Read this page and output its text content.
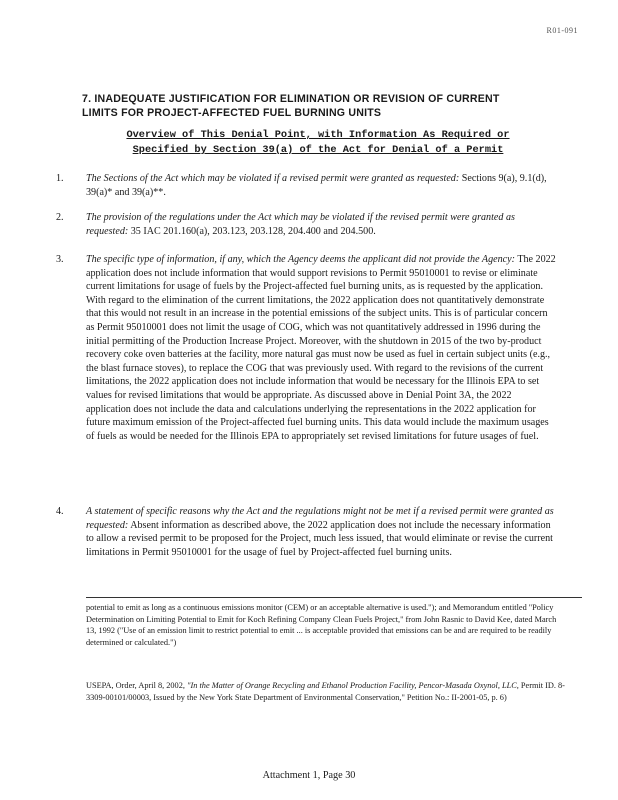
R01-091
7. INADEQUATE JUSTIFICATION FOR ELIMINATION OR REVISION OF CURRENT LIMITS FOR PROJECT-AFFECTED FUEL BURNING UNITS
Overview of This Denial Point, with Information As Required or
Specified by Section 39(a) of the Act for Denial of a Permit
1.	The Sections of the Act which may be violated if a revised permit were granted as requested: Sections 9(a), 9.1(d), 39(a)* and 39(a)**.
2.	The provision of the regulations under the Act which may be violated if the revised permit were granted as requested: 35 IAC 201.160(a), 203.123, 203.128, 204.400 and 204.500.
3.	The specific type of information, if any, which the Agency deems the applicant did not provide the Agency: The 2022 application does not include information that would support revisions to Permit 95010001 to revise or eliminate current limitations for usage of fuels by the Project-affected fuel burning units, as is requested by the application. With regard to the elimination of the current limitations, the 2022 application does not quantitatively demonstrate that this would not result in an increase in the potential emissions of the subject units. This is of particular concern as Permit 95010001 does not limit the usage of COG, which was not quantitatively addressed in 1996 during the initial permitting of the Production Increase Project. Moreover, with the shutdown in 2015 of the two by-product recovery coke oven batteries at the facility, more natural gas must now be used as fuel in certain subject units (e.g., the blast furnace stoves), to replace the COG that was previously used. With regard to the revisions of the current limitations, the 2022 application does not include information that would be necessary for the Illinois EPA to set values for revised limitations that would be appropriate. As discussed above in Denial Point 3A, the 2022 application does not include the data and calculations underlying the representations in the 2022 application for future maximum emission of the Project-affected fuel burning units. This data would include the maximum usages of fuels as would be needed for the Illinois EPA to appropriately set revised limitations for future usages of fuel.
4.	A statement of specific reasons why the Act and the regulations might not be met if a revised permit were granted as requested: Absent information as described above, the 2022 application does not include the necessary information to allow a revised permit to be proposed for the Project, much less issued, that would eliminate or revise the current limitations in Permit 95010001 for the usage of fuel by Project-affected fuel burning units.
potential to emit as long as a continuous emissions monitor (CEM) or an acceptable alternative is used."); and Memorandum entitled "Policy Determination on Limiting Potential to Emit for Koch Refining Company Clean Fuels Project," from John Rasnic to David Kee, dated March 13, 1992 ("Use of an emission limit to restrict potential to emit ... is acceptable provided that emissions can be and are required to be readily determined or calculated.")
USEPA, Order, April 8, 2002, "In the Matter of Orange Recycling and Ethanol Production Facility, Pencor-Masada Oxynol, LLC, Permit ID. 8-3309-00101/00003, Issued by the New York State Department of Environmental Conservation," Petition No.: II-2001-05, p. 6)
Attachment 1, Page 30
